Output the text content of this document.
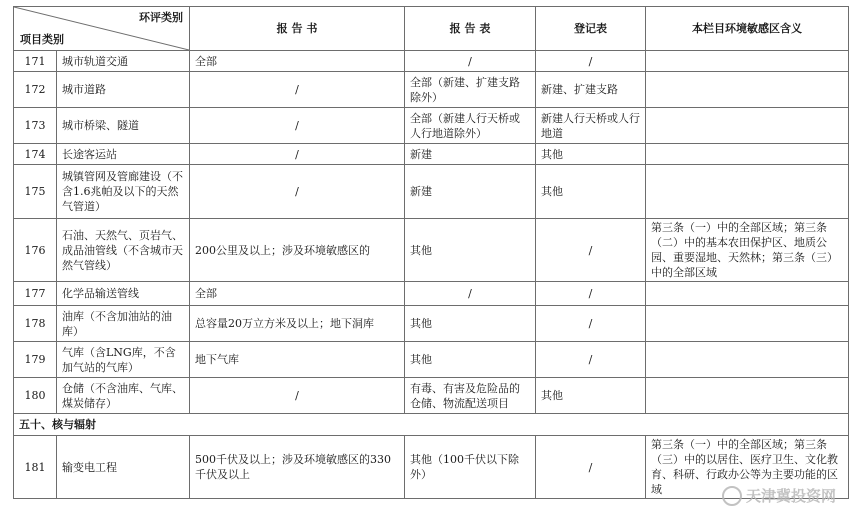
环评类别
项目类别		报 告 书	报 告 表	登记表	本栏目环境敏感区含义
171	城市轨道交通	全部	/	/	
172	城市道路	/	全部（新建、扩建支路除外）	新建、扩建支路	
173	城市桥梁、隧道	/	全部（新建人行天桥或人行地道除外）	新建人行天桥或人行地道	
174	长途客运站	/	新建	其他	
175	城镇管网及管廊建设（不含1.6兆帕及以下的天然气管道）	/	新建	其他	
176	石油、天然气、页岩气、成品油管线（不含城市天然气管线）	200公里及以上；涉及环境敏感区的	其他	/	第三条（一）中的全部区域；第三条（二）中的基本农田保护区、地质公园、重要湿地、天然林；第三条（三）中的全部区域
177	化学品输送管线	全部	/	/	
178	油库（不含加油站的油库）	总容量20万立方米及以上；地下洞库	其他	/	
179	气库（含LNG库，不含加气站的气库）	地下气库	其他	/	
180	仓储（不含油库、气库、煤炭储存）	/	有毒、有害及危险品的仓储、物流配送项目	其他	
五十、核与辐射					
181	输变电工程	500千伏及以上；涉及环境敏感区的330千伏及以上	其他（100千伏以下除外）	/	第三条（一）中的全部区域；第三条（三）中的以居住、医疗卫生、文化教育、科研、行政办公等为主要功能的区域	天津冀投资网
